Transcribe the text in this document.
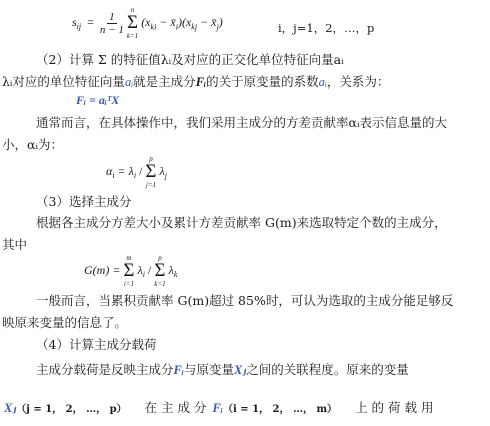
$s_{ij} = \frac{1}{n - 1}$

n
Σ
k=1
($x_{ki}$ − $x̄_i)(x_{kj}$ − $x̄_j$)	i，j=1，2，…，p
（2）计算 Σ 的特征值λᵢ及对应的正交化单位特征向量aᵢ
λᵢ对应的单位特征向量aᵢ就是主成分Fᵢ的关于原变量的系数aᵢ，关系为：
Fᵢ = aᵢᵀX
通常而言，在具体操作中，我们采用主成分的方差贡献率αᵢ表示信息量的大
小，αᵢ为：
$\alpha_i = \lambda_i$ /
p
Σ
j=1
$\lambda_j$
（3）选择主成分
根据各主成分方差大小及累计方差贡献率 G(m)来选取特定个数的主成分，
其中
G(m) =
m
Σ
i=1
$\lambda_i$ /
p
Σ
k=1
$\lambda_k$
一般而言，当累积贡献率 G(m)超过 85%时，可认为选取的主成分能足够反
映原来变量的信息了。
（4）计算主成分载荷
主成分载荷是反映主成分Fᵢ与原变量Xⱼ之间的关联程度。原来的变量
Xⱼ（j = 1， 2， …， p） 在 主 成 分 Fᵢ（i = 1， 2， …， m） 上 的 荷 载 用
